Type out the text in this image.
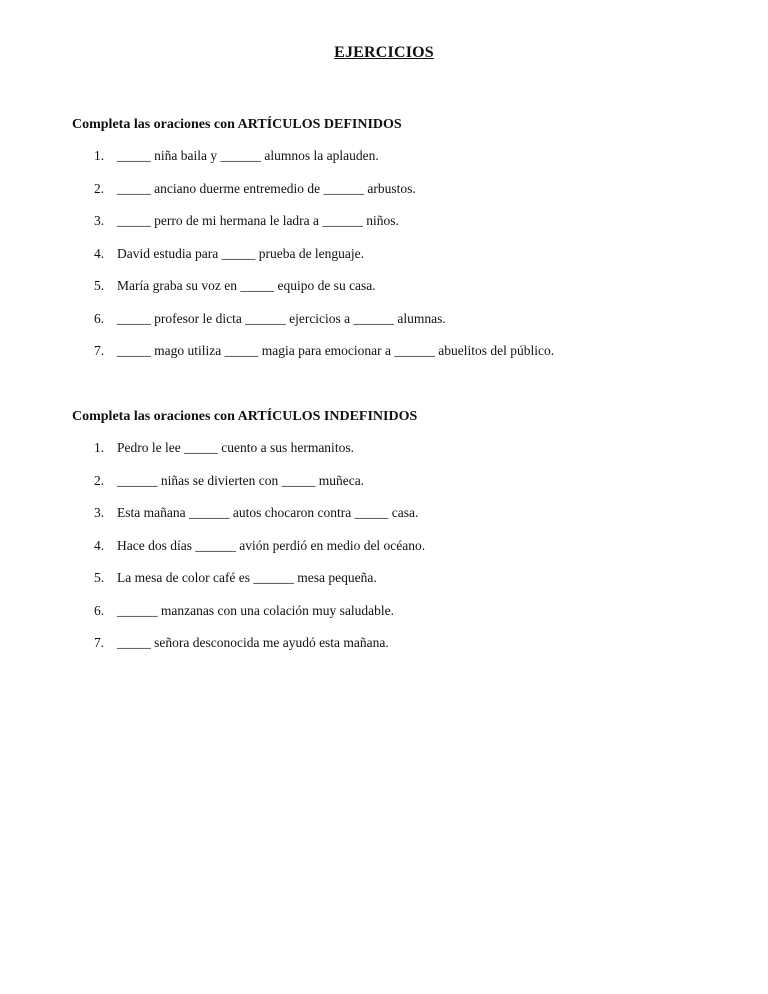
EJERCICIOS
Completa las oraciones con ARTÍCULOS DEFINIDOS
1. _____ niña baila y ______ alumnos la aplauden.
2. _____ anciano duerme entremedio de ______ arbustos.
3. _____ perro de mi hermana le ladra a ______ niños.
4. David estudia para _____ prueba de lenguaje.
5. María graba su voz en _____ equipo de su casa.
6. _____ profesor le dicta ______ ejercicios a ______ alumnas.
7. _____ mago utiliza _____ magia para emocionar a ______ abuelitos del público.
Completa las oraciones con ARTÍCULOS INDEFINIDOS
1. Pedro le lee _____ cuento a sus hermanitos.
2. ______ niñas se divierten con _____ muñeca.
3. Esta mañana ______ autos chocaron contra _____ casa.
4. Hace dos días ______ avión perdió en medio del océano.
5. La mesa de color café es ______ mesa pequeña.
6. ______ manzanas con una colación muy saludable.
7. _____ señora desconocida me ayudó esta mañana.
